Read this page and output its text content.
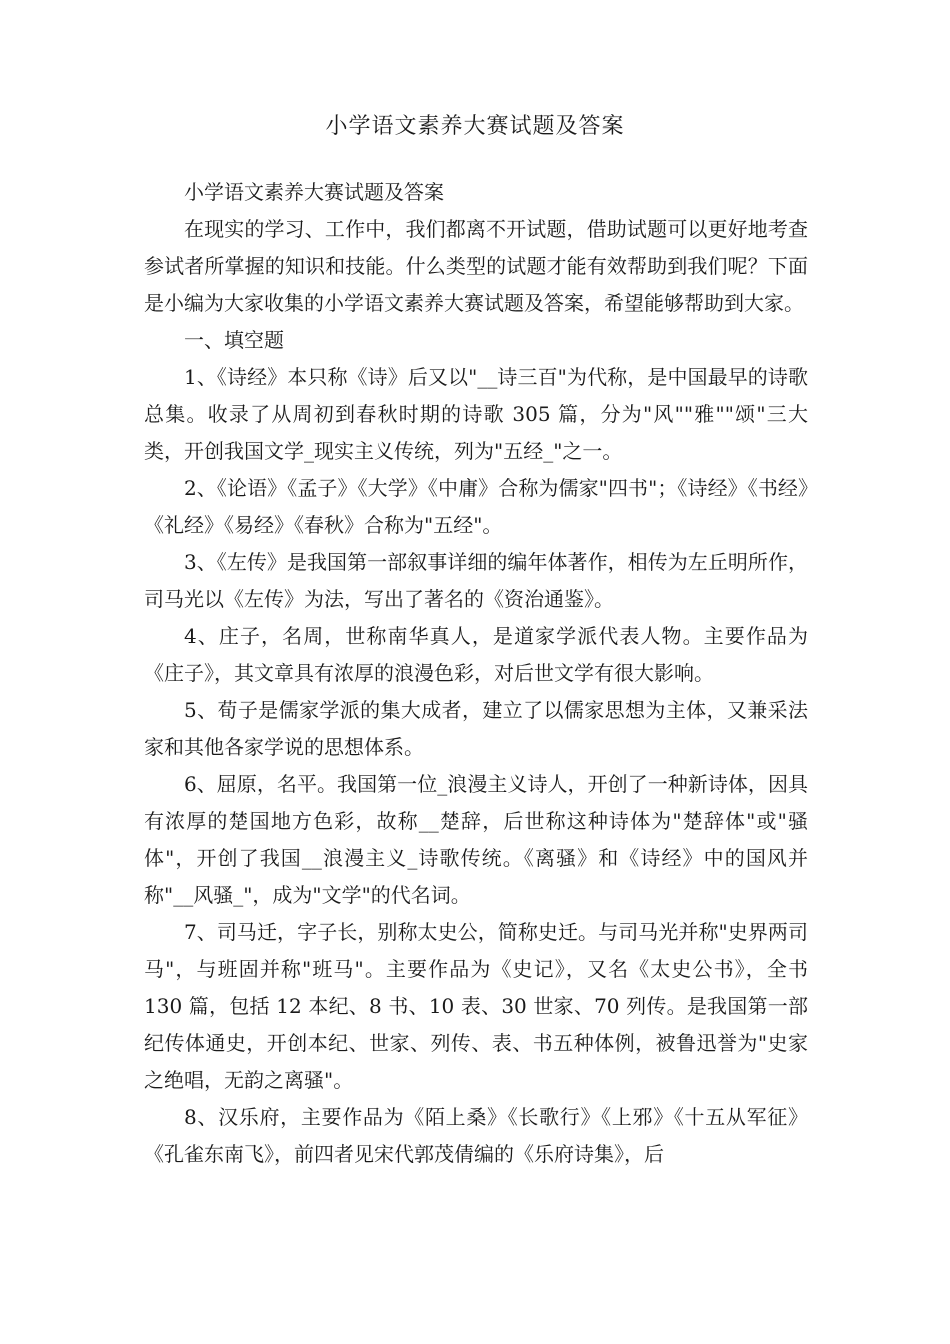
小学语文素养大赛试题及答案

小学语文素养大赛试题及答案

在现实的学习、工作中，我们都离不开试题，借助试题可以更好地考查参试者所掌握的知识和技能。什么类型的试题才能有效帮助到我们呢？下面是小编为大家收集的小学语文素养大赛试题及答案，希望能够帮助到大家。

一、填空题

1、《诗经》本只称《诗》后又以"__诗三百"为代称，是中国最早的诗歌总集。收录了从周初到春秋时期的诗歌 305 篇，分为"风""雅""颂"三大类，开创我国文学_现实主义传统，列为"五经_"之一。

2、《论语》《孟子》《大学》《中庸》合称为儒家"四书"；《诗经》《书经》《礼经》《易经》《春秋》合称为"五经"。

3、《左传》是我国第一部叙事详细的编年体著作，相传为左丘明所作，司马光以《左传》为法，写出了著名的《资治通鉴》。

4、庄子，名周，世称南华真人，是道家学派代表人物。主要作品为《庄子》，其文章具有浓厚的浪漫色彩，对后世文学有很大影响。

5、荀子是儒家学派的集大成者，建立了以儒家思想为主体，又兼采法家和其他各家学说的思想体系。

6、屈原，名平。我国第一位_浪漫主义诗人，开创了一种新诗体，因具有浓厚的楚国地方色彩，故称__楚辞，后世称这种诗体为"楚辞体"或"骚体"，开创了我国__浪漫主义_诗歌传统。《离骚》和《诗经》中的国风并称"__风骚_"，成为"文学"的代名词。

7、司马迁，字子长，别称太史公，简称史迁。与司马光并称"史界两司马"，与班固并称"班马"。主要作品为《史记》，又名《太史公书》，全书 130 篇，包括 12 本纪、8 书、10 表、30 世家、70 列传。是我国第一部纪传体通史，开创本纪、世家、列传、表、书五种体例，被鲁迅誉为"史家之绝唱，无韵之离骚"。

8、汉乐府，主要作品为《陌上桑》《长歌行》《上邪》《十五从军征》《孔雀东南飞》，前四者见宋代郭茂倩编的《乐府诗集》，后
